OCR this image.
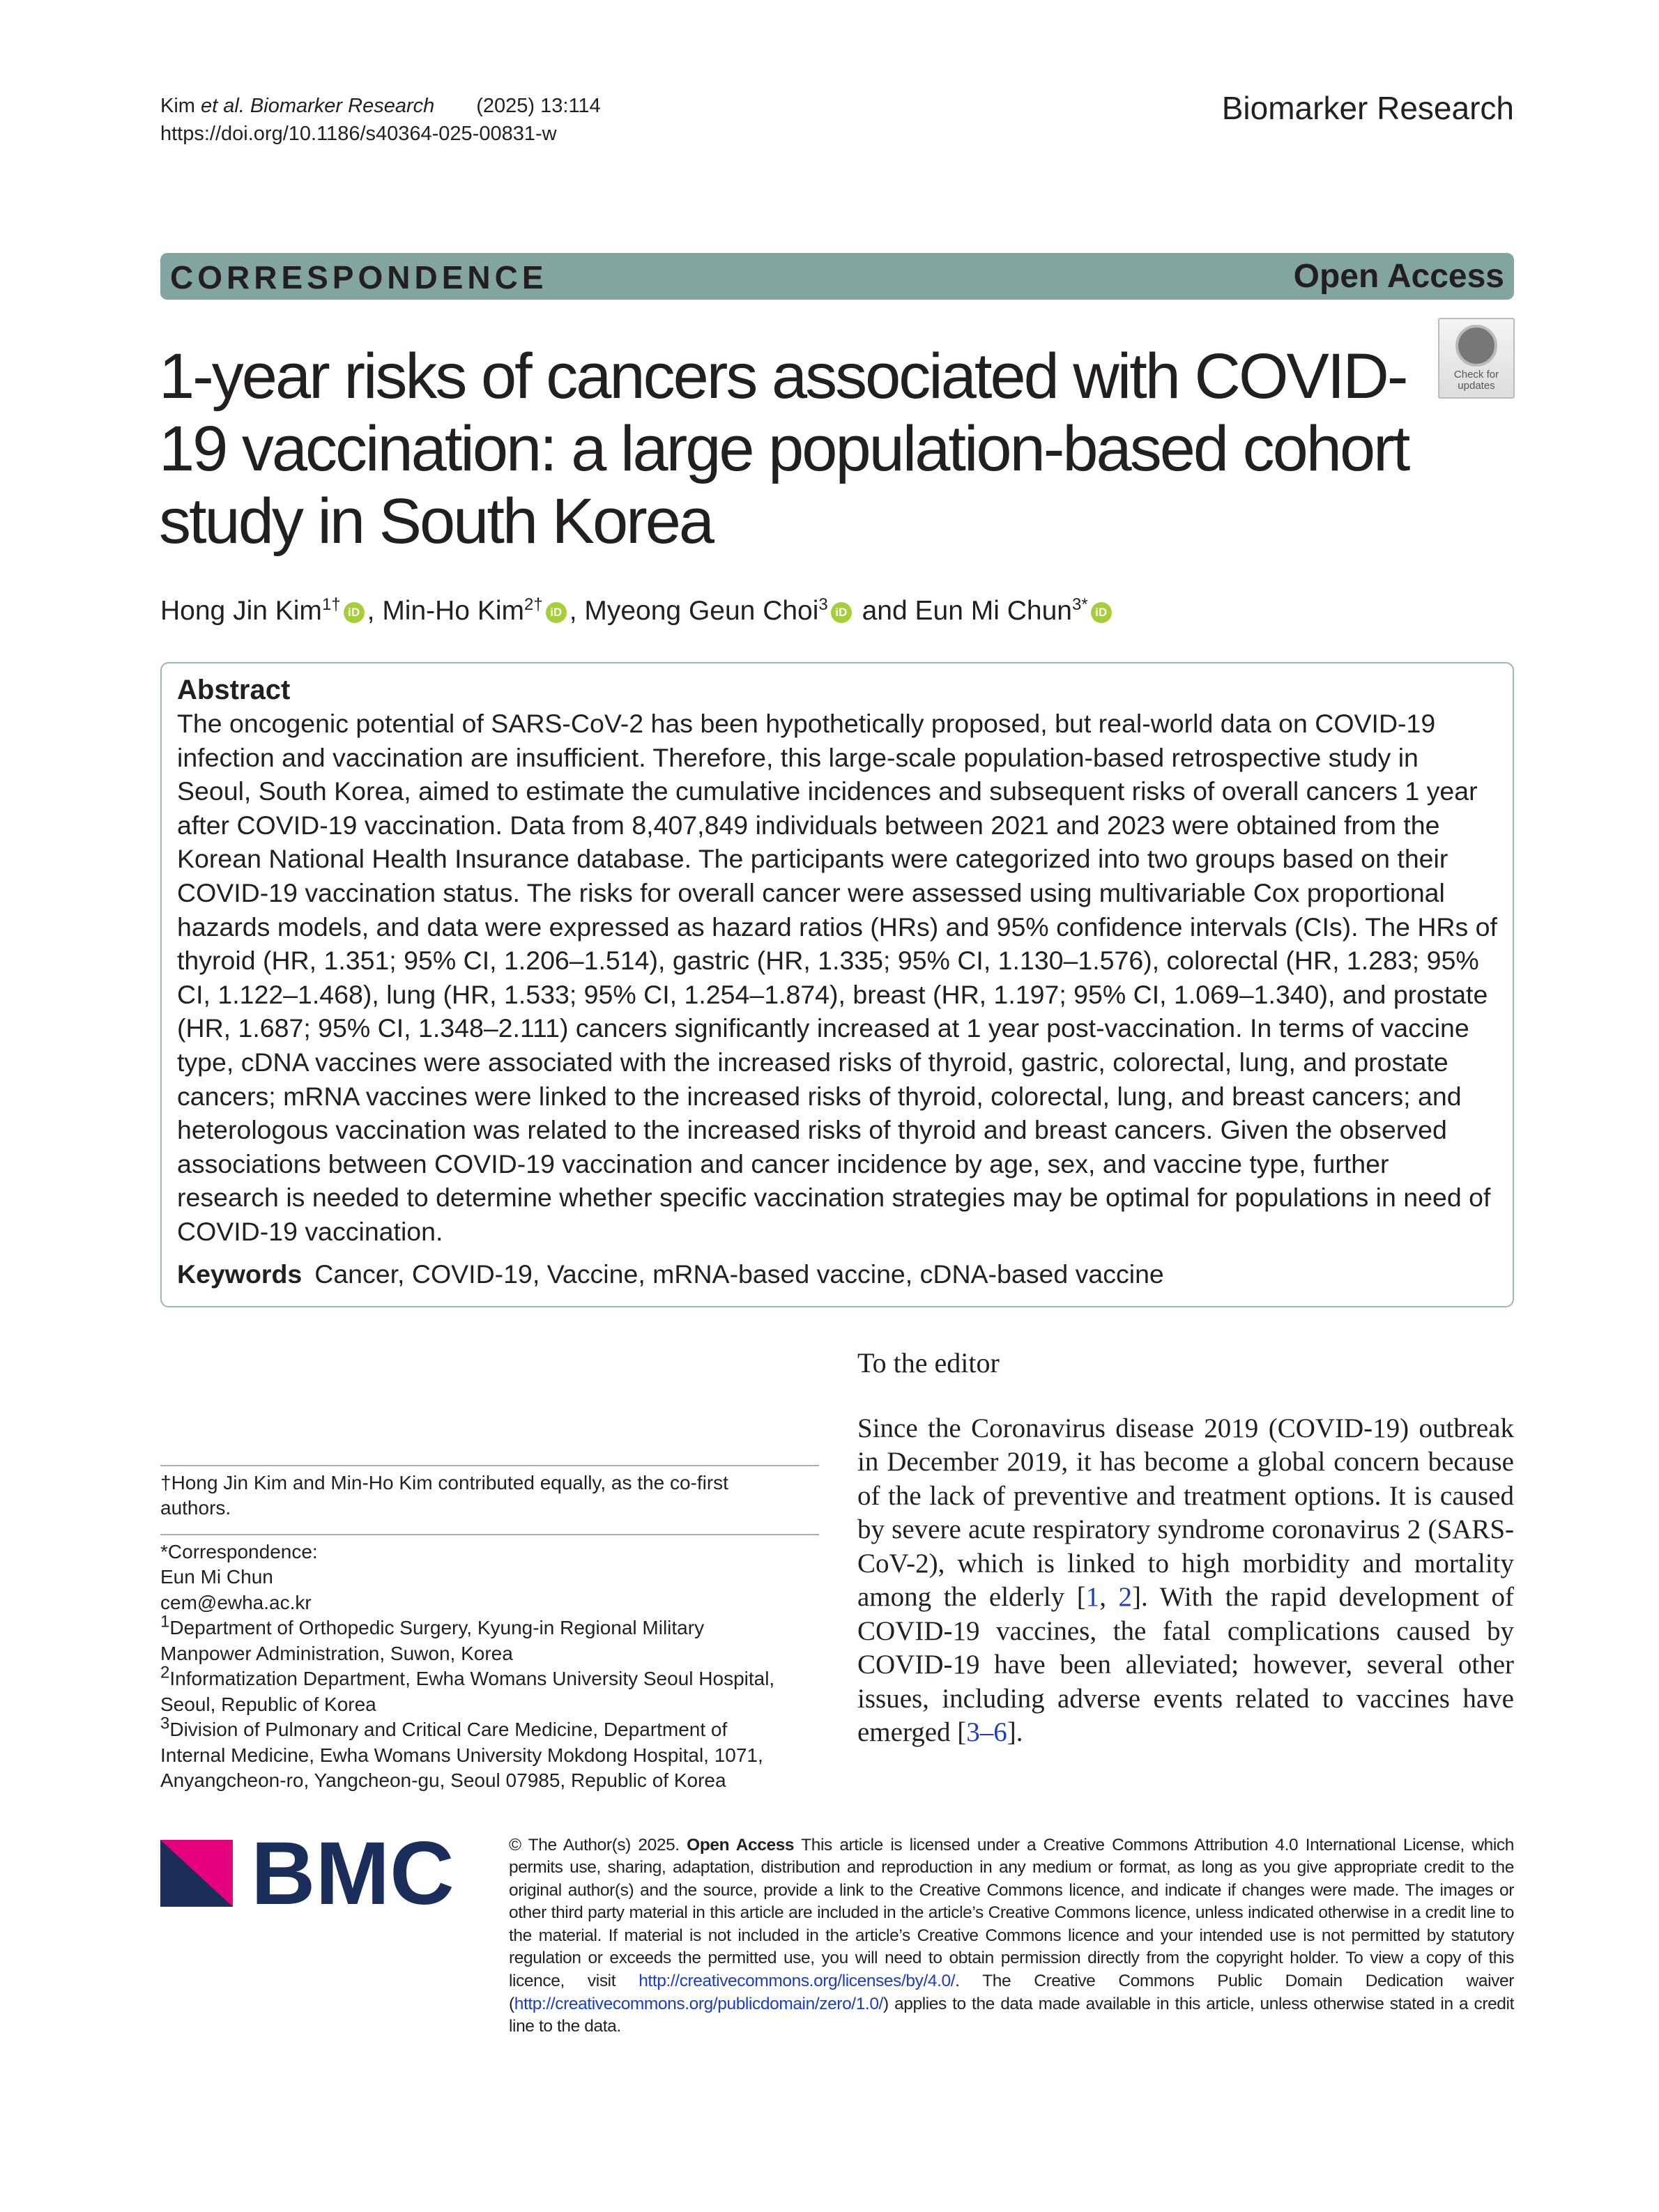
Kim et al. Biomarker Research (2025) 13:114
https://doi.org/10.1186/s40364-025-00831-w
Biomarker Research
CORRESPONDENCE	Open Access
Check for
updates
1-year risks of cancers associated with COVID-19 vaccination: a large population-based cohort study in South Korea
Hong Jin Kim$^{1\dagger}$ iD , Min-Ho Kim$^{2\dagger}$ iD , Myeong Geun Choi$^3$ iD and Eun Mi Chun$^{3*}$ iD
Abstract
The oncogenic potential of SARS-CoV-2 has been hypothetically proposed, but real-world data on COVID-19 infection and vaccination are insufficient. Therefore, this large-scale population-based retrospective study in Seoul, South Korea, aimed to estimate the cumulative incidences and subsequent risks of overall cancers 1 year after COVID-19 vaccination. Data from 8,407,849 individuals between 2021 and 2023 were obtained from the Korean National Health Insurance database. The participants were categorized into two groups based on their COVID-19 vaccination status. The risks for overall cancer were assessed using multivariable Cox proportional hazards models, and data were expressed as hazard ratios (HRs) and 95% confidence intervals (CIs). The HRs of thyroid (HR, 1.351; 95% CI, 1.206–1.514), gastric (HR, 1.335; 95% CI, 1.130–1.576), colorectal (HR, 1.283; 95% CI, 1.122–1.468), lung (HR, 1.533; 95% CI, 1.254–1.874), breast (HR, 1.197; 95% CI, 1.069–1.340), and prostate (HR, 1.687; 95% CI, 1.348–2.111) cancers significantly increased at 1 year post-vaccination. In terms of vaccine type, cDNA vaccines were associated with the increased risks of thyroid, gastric, colorectal, lung, and prostate cancers; mRNA vaccines were linked to the increased risks of thyroid, colorectal, lung, and breast cancers; and heterologous vaccination was related to the increased risks of thyroid and breast cancers. Given the observed associations between COVID-19 vaccination and cancer incidence by age, sex, and vaccine type, further research is needed to determine whether specific vaccination strategies may be optimal for populations in need of COVID-19 vaccination.
Keywords Cancer, COVID-19, Vaccine, mRNA-based vaccine, cDNA-based vaccine
†Hong Jin Kim and Min-Ho Kim contributed equally, as the co-first authors.
*Correspondence:
Eun Mi Chun
cem@ewha.ac.kr
$^1$Department of Orthopedic Surgery, Kyung-in Regional Military Manpower Administration, Suwon, Korea
$^2$Informatization Department, Ewha Womans University Seoul Hospital, Seoul, Republic of Korea
$^3$Division of Pulmonary and Critical Care Medicine, Department of Internal Medicine, Ewha Womans University Mokdong Hospital, 1071, Anyangcheon-ro, Yangcheon-gu, Seoul 07985, Republic of Korea
To the editor
Since the Coronavirus disease 2019 (COVID-19) outbreak in December 2019, it has become a global concern because of the lack of preventive and treatment options. It is caused by severe acute respiratory syndrome coronavirus 2 (SARS-CoV-2), which is linked to high morbidity and mortality among the elderly [1, 2]. With the rapid development of COVID-19 vaccines, the fatal complications caused by COVID-19 have been alleviated; however, several other issues, including adverse events related to vaccines have emerged [3–6].
BMC	© The Author(s) 2025. Open Access This article is licensed under a Creative Commons Attribution 4.0 International License, which permits use, sharing, adaptation, distribution and reproduction in any medium or format, as long as you give appropriate credit to the original author(s) and the source, provide a link to the Creative Commons licence, and indicate if changes were made. The images or other third party material in this article are included in the article’s Creative Commons licence, unless indicated otherwise in a credit line to the material. If material is not included in the article’s Creative Commons licence and your intended use is not permitted by statutory regulation or exceeds the permitted use, you will need to obtain permission directly from the copyright holder. To view a copy of this licence, visit http://creativecommons.org/licenses/by/4.0/. The Creative Commons Public Domain Dedication waiver (http://creativecommons.org/publicdomain/zero/1.0/) applies to the data made available in this article, unless otherwise stated in a credit line to the data.
